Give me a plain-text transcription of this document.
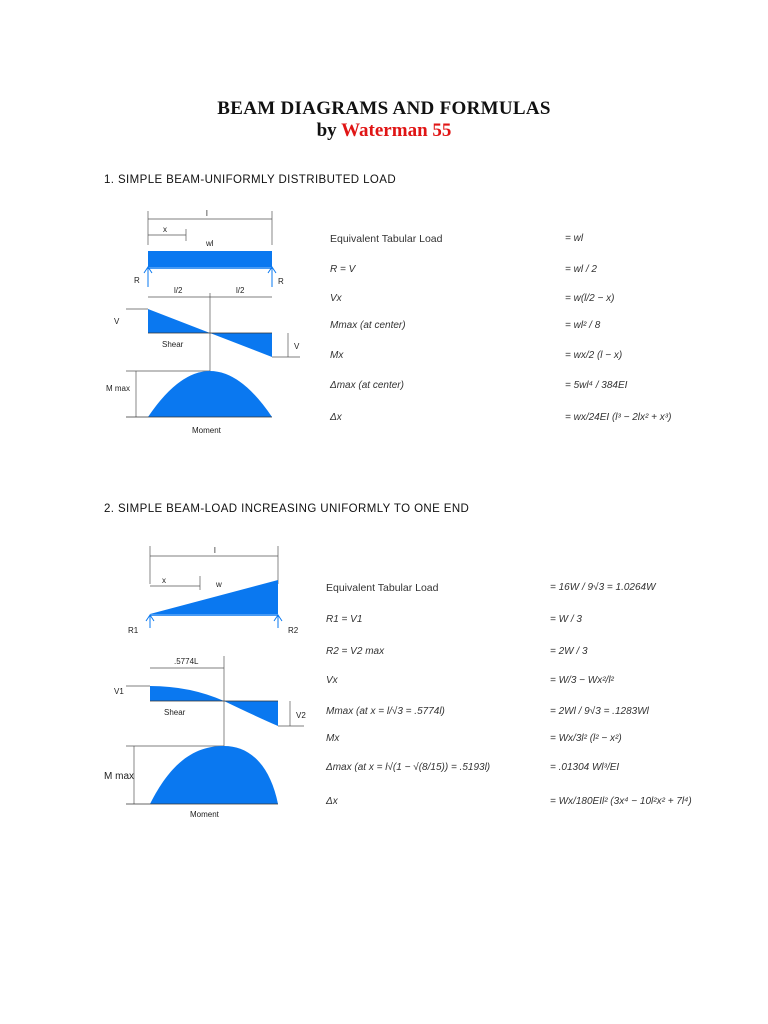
BEAM DIAGRAMS AND FORMULAS
by Waterman 55
1. SIMPLE BEAM-UNIFORMLY DISTRIBUTED LOAD
l
x
wl
R	R
l/2	l/2
V
V
Shear
M max
Moment
Equivalent Tabular Load	= wl
R = V	= wl / 2
Vx	= w(l/2 − x)
Mmax (at center)	= wl² / 8
Mx	= wx/2 (l − x)
Δmax (at center)	= 5wl⁴ / 384EI
Δx	= wx/24EI (l³ − 2lx² + x³)
2. SIMPLE BEAM-LOAD INCREASING UNIFORMLY TO ONE END
l
x	w
R1	R2
.5774L
V1
V2
Shear
M max
Moment
Equivalent Tabular Load	= 16W / 9√3 = 1.0264W
R1 = V1	= W / 3
R2 = V2 max	= 2W / 3
Vx	= W/3 − Wx²/l²
Mmax (at x = l/√3 = .5774l)	= 2Wl / 9√3 = .1283Wl
Mx	= Wx/3l² (l² − x²)
Δmax (at x = l√(1 − √(8/15)) = .5193l)	= .01304 Wl³/EI
Δx	= Wx/180EIl² (3x⁴ − 10l²x² + 7l⁴)
